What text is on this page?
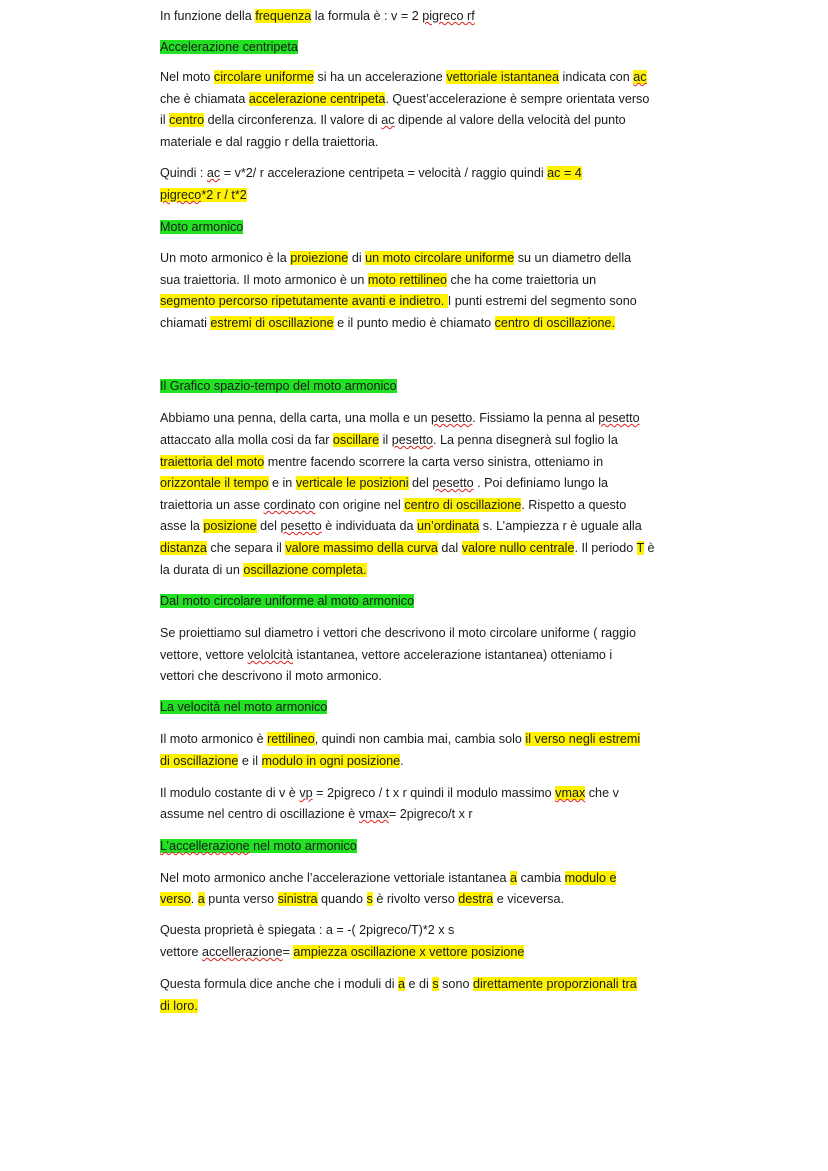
In funzione della frequenza la formula è : v = 2 pigreco rf
Accelerazione centripeta
Nel moto circolare uniforme si ha un accelerazione vettoriale istantanea indicata con ac
che è chiamata accelerazione centripeta. Quest’accelerazione è sempre orientata verso
il centro della circonferenza. Il valore di ac dipende al valore della velocità del punto
materiale e dal raggio r della traiettoria.
Quindi : ac = v*2/ r accelerazione centripeta = velocità / raggio quindi ac = 4
pigreco*2 r / t*2
Moto armonico
Un moto armonico è la proiezione di un moto circolare uniforme su un diametro della
sua traiettoria. Il moto armonico è un moto rettilineo che ha come traiettoria un
segmento percorso ripetutamente avanti e indietro. I punti estremi del segmento sono
chiamati estremi di oscillazione e il punto medio è chiamato centro di oscillazione.
Il Grafico spazio-tempo del moto armonico
Abbiamo una penna, della carta, una molla e un pesetto. Fissiamo la penna al pesetto
attaccato alla molla cosi da far oscillare il pesetto. La penna disegnerà sul foglio la
traiettoria del moto mentre facendo scorrere la carta verso sinistra, otteniamo in
orizzontale il tempo e in verticale le posizioni del pesetto . Poi definiamo lungo la
traiettoria un asse cordinato con origine nel centro di oscillazione. Rispetto a questo
asse la posizione del pesetto è individuata da un’ordinata s. L’ampiezza r è uguale alla
distanza che separa il valore massimo della curva dal valore nullo centrale. Il periodo T è
la durata di un oscillazione completa.
Dal moto circolare uniforme al moto armonico
Se proiettiamo sul diametro i vettori che descrivono il moto circolare uniforme ( raggio
vettore, vettore velolcità istantanea, vettore accelerazione istantanea) otteniamo i
vettori che descrivono il moto armonico.
La velocità nel moto armonico
Il moto armonico è rettilineo, quindi non cambia mai, cambia solo il verso negli estremi
di oscillazione e il modulo in ogni posizione.
Il modulo costante di v è vp = 2pigreco / t x r quindi il modulo massimo vmax che v
assume nel centro di oscillazione è vmax= 2pigreco/t x r
L’accellerazione nel moto armonico
Nel moto armonico anche l’accelerazione vettoriale istantanea a cambia modulo e
verso. a punta verso sinistra quando s è rivolto verso destra e viceversa.
Questa proprietà è spiegata : a = -( 2pigreco/T)*2 x s
vettore accellerazione= ampiezza oscillazione x vettore posizione
Questa formula dice anche che i moduli di a e di s sono direttamente proporzionali tra
di loro.
